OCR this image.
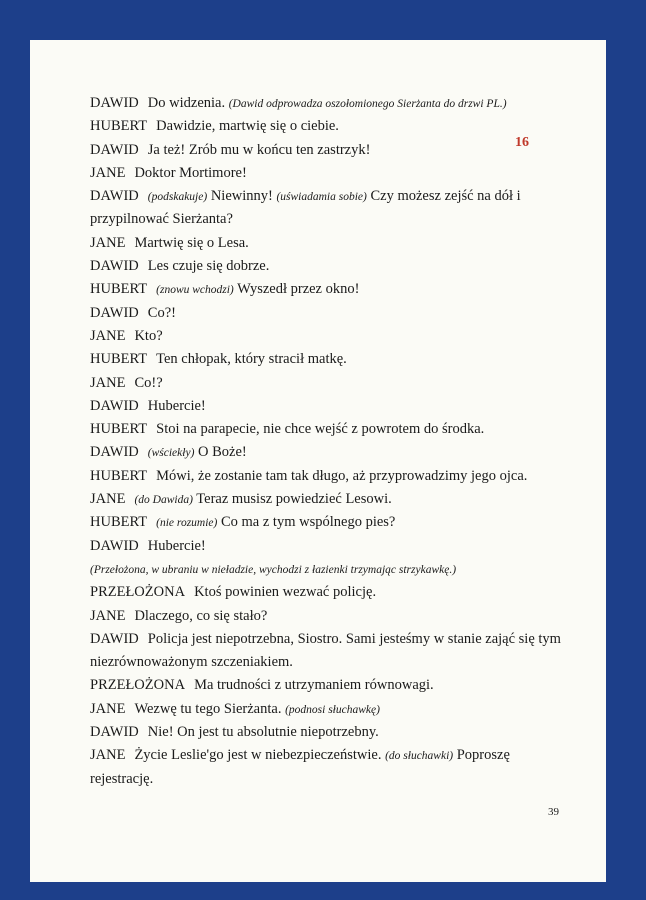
16
DAWID Do widzenia. (Dawid odprowadza oszołomionego Sierżanta do drzwi PL.)
HUBERT Dawidzie, martwię się o ciebie.
DAWID Ja też! Zrób mu w końcu ten zastrzyk!
JANE Doktor Mortimore!
DAWID (podskakuje) Niewinny! (uświadamia sobie) Czy możesz zejść na dół i
przypilnować Sierżanta?
JANE Martwię się o Lesa.
DAWID Les czuje się dobrze.
HUBERT (znowu wchodzi) Wyszedł przez okno!
DAWID Co?!
JANE Kto?
HUBERT Ten chłopak, który stracił matkę.
JANE Co!?
DAWID Hubercie!
HUBERT Stoi na parapecie, nie chce wejść z powrotem do środka.
DAWID (wściekły) O Boże!
HUBERT Mówi, że zostanie tam tak długo, aż przyprowadzimy jego ojca.
JANE (do Dawida) Teraz musisz powiedzieć Lesowi.
HUBERT (nie rozumie) Co ma z tym wspólnego pies?
DAWID Hubercie!
(Przełożona, w ubraniu w nieładzie, wychodzi z łazienki trzymając strzykawkę.)
PRZEŁOŻONA Ktoś powinien wezwać policję.
JANE Dlaczego, co się stało?
DAWID Policja jest niepotrzebna, Siostro. Sami jesteśmy w stanie zająć się tym
niezrównoważonym szczeniakiem.
PRZEŁOŻONA Ma trudności z utrzymaniem równowagi.
JANE Wezwę tu tego Sierżanta. (podnosi słuchawkę)
DAWID Nie! On jest tu absolutnie niepotrzebny.
JANE Życie Leslie'go jest w niebezpieczeństwie. (do słuchawki) Poproszę
rejestrację.
39
